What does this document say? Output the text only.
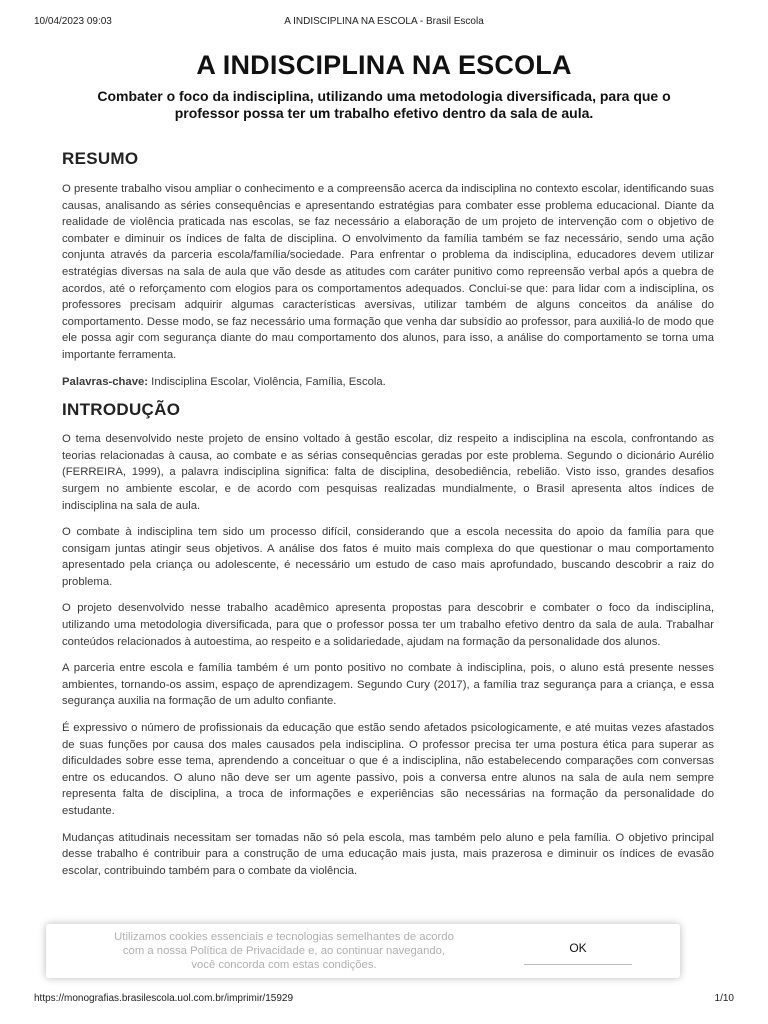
10/04/2023 09:03	A INDISCIPLINA NA ESCOLA - Brasil Escola
A INDISCIPLINA NA ESCOLA

Combater o foco da indisciplina, utilizando uma metodologia diversificada, para que o professor possa ter um trabalho efetivo dentro da sala de aula.

RESUMO

O presente trabalho visou ampliar o conhecimento e a compreensão acerca da indisciplina no contexto escolar, identificando suas causas, analisando as séries consequências e apresentando estratégias para combater esse problema educacional. Diante da realidade de violência praticada nas escolas, se faz necessário a elaboração de um projeto de intervenção com o objetivo de combater e diminuir os índices de falta de disciplina. O envolvimento da família também se faz necessário, sendo uma ação conjunta através da parceria escola/família/sociedade. Para enfrentar o problema da indisciplina, educadores devem utilizar estratégias diversas na sala de aula que vão desde as atitudes com caráter punitivo como repreensão verbal após a quebra de acordos, até o reforçamento com elogios para os comportamentos adequados. Conclui-se que: para lidar com a indisciplina, os professores precisam adquirir algumas características aversivas, utilizar também de alguns conceitos da análise do comportamento. Desse modo, se faz necessário uma formação que venha dar subsídio ao professor, para auxiliá-lo de modo que ele possa agir com segurança diante do mau comportamento dos alunos, para isso, a análise do comportamento se torna uma importante ferramenta.

Palavras-chave: Indisciplina Escolar, Violência, Família, Escola.

INTRODUÇÃO

O tema desenvolvido neste projeto de ensino voltado à gestão escolar, diz respeito a indisciplina na escola, confrontando as teorias relacionadas à causa, ao combate e as sérias consequências geradas por este problema. Segundo o dicionário Aurélio (FERREIRA, 1999), a palavra indisciplina significa: falta de disciplina, desobediência, rebelião. Visto isso, grandes desafios surgem no ambiente escolar, e de acordo com pesquisas realizadas mundialmente, o Brasil apresenta altos índices de indisciplina na sala de aula.

O combate à indisciplina tem sido um processo difícil, considerando que a escola necessita do apoio da família para que consigam juntas atingir seus objetivos. A análise dos fatos é muito mais complexa do que questionar o mau comportamento apresentado pela criança ou adolescente, é necessário um estudo de caso mais aprofundado, buscando descobrir a raiz do problema.

O projeto desenvolvido nesse trabalho acadêmico apresenta propostas para descobrir e combater o foco da indisciplina, utilizando uma metodologia diversificada, para que o professor possa ter um trabalho efetivo dentro da sala de aula. Trabalhar conteúdos relacionados à autoestima, ao respeito e a solidariedade, ajudam na formação da personalidade dos alunos.

A parceria entre escola e família também é um ponto positivo no combate à indisciplina, pois, o aluno está presente nesses ambientes, tornando-os assim, espaço de aprendizagem. Segundo Cury (2017), a família traz segurança para a criança, e essa segurança auxilia na formação de um adulto confiante.

É expressivo o número de profissionais da educação que estão sendo afetados psicologicamente, e até muitas vezes afastados de suas funções por causa dos males causados pela indisciplina. O professor precisa ter uma postura ética para superar as dificuldades sobre esse tema, aprendendo a conceituar o que é a indisciplina, não estabelecendo comparações com conversas entre os educandos. O aluno não deve ser um agente passivo, pois a conversa entre alunos na sala de aula nem sempre representa falta de disciplina, a troca de informações e experiências são necessárias na formação da personalidade do estudante.

Mudanças atitudinais necessitam ser tomadas não só pela escola, mas também pelo aluno e pela família. O objetivo principal desse trabalho é contribuir para a construção de uma educação mais justa, mais prazerosa e diminuir os índices de evasão escolar, contribuindo também para o combate da violência.

Utilizamos cookies essenciais e tecnologias semelhantes de acordo
com a nossa Política de Privacidade e, ao continuar navegando,
você concorda com estas condições.
OK
https://monografias.brasilescola.uol.com.br/imprimir/15929	1/10
